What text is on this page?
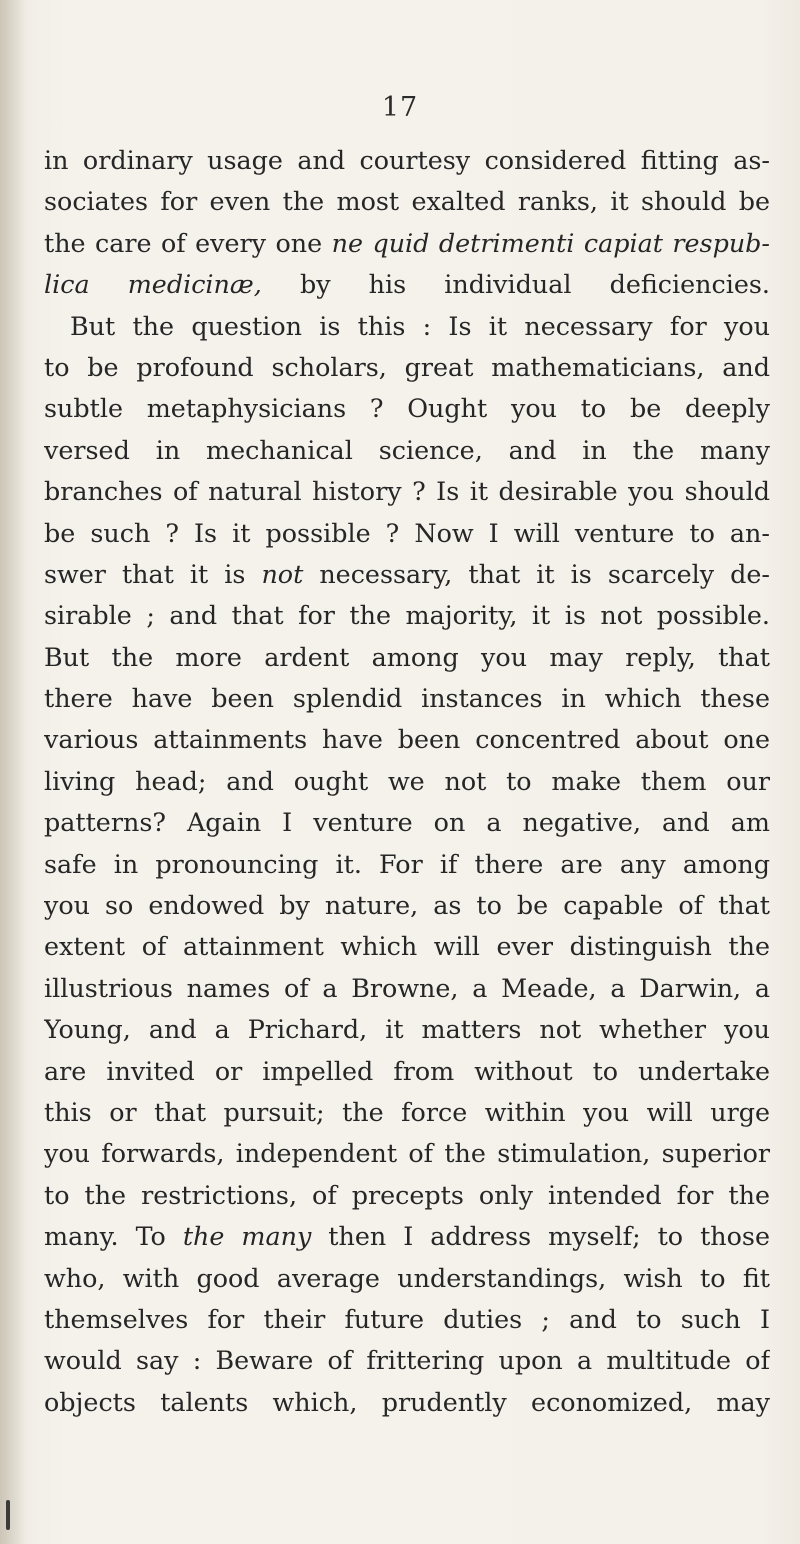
17
in ordinary usage and courtesy considered fitting as-
sociates for even the most exalted ranks, it should be
the care of every one ne quid detrimenti capiat respub-
lica medicinæ, by his individual deficiencies.
But the question is this : Is it necessary for you
to be profound scholars, great mathematicians, and
subtle metaphysicians ? Ought you to be deeply
versed in mechanical science, and in the many
branches of natural history ? Is it desirable you should
be such ? Is it possible ? Now I will venture to an-
swer that it is not necessary, that it is scarcely de-
sirable ; and that for the majority, it is not possible.
But the more ardent among you may reply, that
there have been splendid instances in which these
various attainments have been concentred about one
living head; and ought we not to make them our
patterns? Again I venture on a negative, and am
safe in pronouncing it. For if there are any among
you so endowed by nature, as to be capable of that
extent of attainment which will ever distinguish the
illustrious names of a Browne, a Meade, a Darwin, a
Young, and a Prichard, it matters not whether you
are invited or impelled from without to undertake
this or that pursuit; the force within you will urge
you forwards, independent of the stimulation, superior
to the restrictions, of precepts only intended for the
many. To the many then I address myself; to those
who, with good average understandings, wish to fit
themselves for their future duties ; and to such I
would say : Beware of frittering upon a multitude of
objects talents which, prudently economized, may
